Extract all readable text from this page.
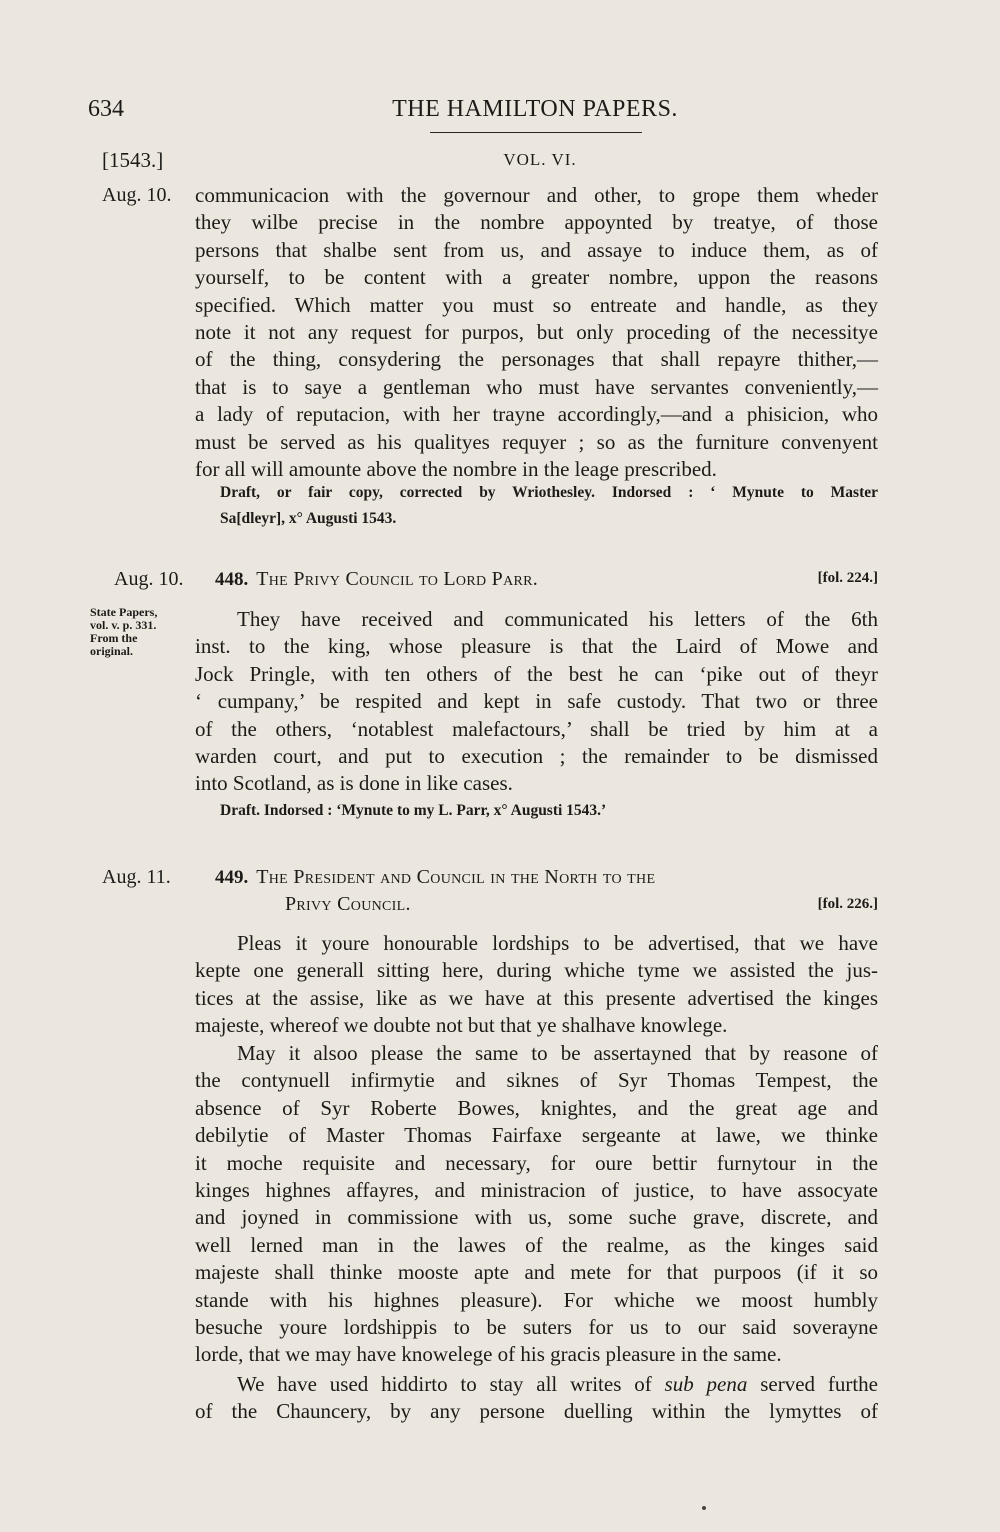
634	THE HAMILTON PAPERS.
[1543.]	VOL. VI.
Aug. 10. communicacion with the governour and other, to grope them wheder
they wilbe precise in the nombre appoynted by treatye, of those
persons that shalbe sent from us, and assaye to induce them, as of
yourself, to be content with a greater nombre, uppon the reasons
specified. Which matter you must so entreate and handle, as they
note it not any request for purpos, but only proceding of the necessitye
of the thing, consydering the personages that shall repayre thither,—
that is to saye a gentleman who must have servantes conveniently,—
a lady of reputacion, with her trayne accordingly,—and a phisicion, who
must be served as his qualityes requyer ; so as the furniture convenyent
for all will amounte above the nombre in the leage prescribed.
Draft, or fair copy, corrected by Wriothesley. Indorsed : ‘ Mynute to Master
Sa[dleyr], x° Augusti 1543.
Aug. 10. 448. The Privy Council to Lord Parr.	[fol. 224.]
State Papers,
vol. v. p. 331.
From the
original.
They have received and communicated his letters of the 6th
inst. to the king, whose pleasure is that the Laird of Mowe and
Jock Pringle, with ten others of the best he can ‘pike out of theyr
‘ cumpany,’ be respited and kept in safe custody. That two or three
of the others, ‘notablest malefactours,’ shall be tried by him at a
warden court, and put to execution ; the remainder to be dismissed
into Scotland, as is done in like cases.
Draft. Indorsed : ‘Mynute to my L. Parr, x° Augusti 1543.’
Aug. 11. 449. The President and Council in the North to the
Privy Council.	[fol. 226.]
Pleas it youre honourable lordships to be advertised, that we have
kepte one generall sitting here, during whiche tyme we assisted the jus-
tices at the assise, like as we have at this presente advertised the kinges
majeste, whereof we doubte not but that ye shalhave knowlege.
May it alsoo please the same to be assertayned that by reasone of
the contynuell infirmytie and siknes of Syr Thomas Tempest, the
absence of Syr Roberte Bowes, knightes, and the great age and
debilytie of Master Thomas Fairfaxe sergeante at lawe, we thinke
it moche requisite and necessary, for oure bettir furnytour in the
kinges highnes affayres, and ministracion of justice, to have assocyate
and joyned in commissione with us, some suche grave, discrete, and
well lerned man in the lawes of the realme, as the kinges said
majeste shall thinke mooste apte and mete for that purpoos (if it so
stande with his highnes pleasure). For whiche we moost humbly
besuche youre lordshippis to be suters for us to our said soverayne
lorde, that we may have knowelege of his gracis pleasure in the same.
We have used hiddirto to stay all writes of sub pena served furthe
of the Chauncery, by any persone duelling within the lymyttes of
